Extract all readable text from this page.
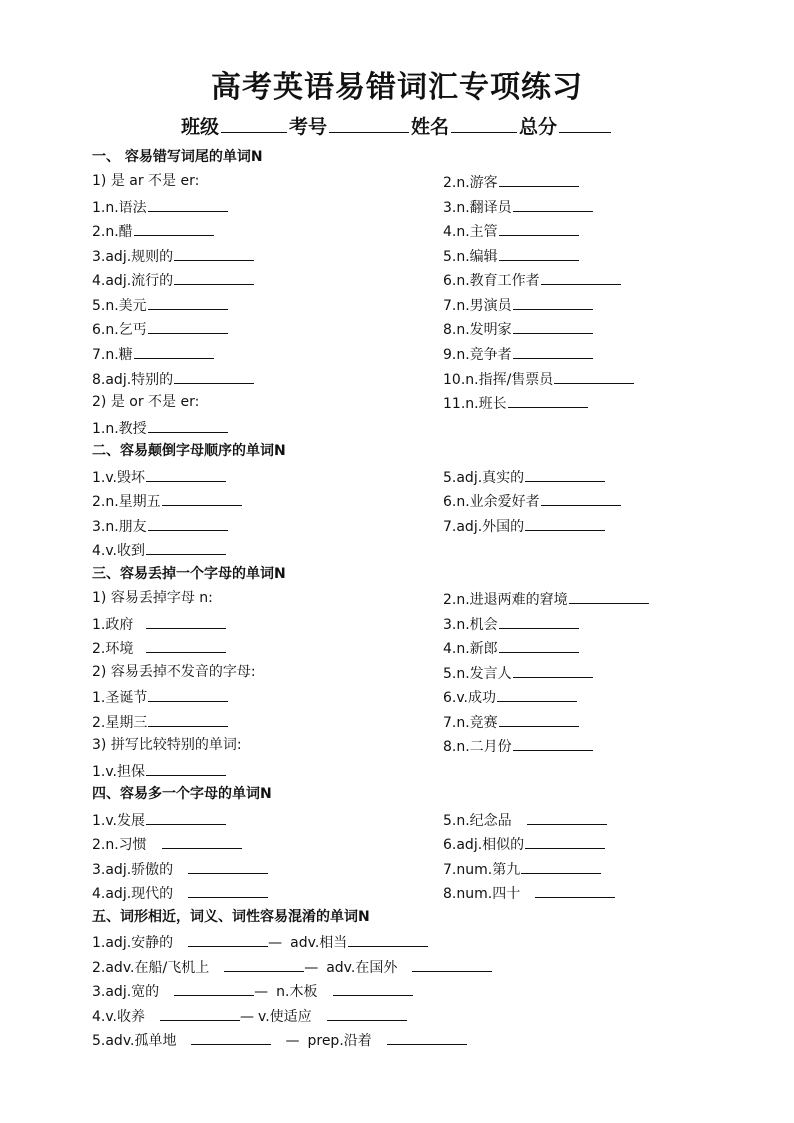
高考英语易错词汇专项练习
班级	考号	姓名	总分
一、 容易错写词尾的单词N
1) 是 ar 不是 er:
1.n.语法
2.n.醋
3.adj.规则的
4.adj.流行的
5.n.美元
6.n.乞丐
7.n.糖
8.adj.特别的
2) 是 or 不是 er:
1.n.教授
2.n.游客
3.n.翻译员
4.n.主管
5.n.编辑
6.n.教育工作者
7.n.男演员
8.n.发明家
9.n.竞争者
10.n.指挥/售票员
11.n.班长
二、容易颠倒字母顺序的单词N
1.v.毁坏
2.n.星期五
3.n.朋友
4.v.收到
5.adj.真实的
6.n.业余爱好者
7.adj.外国的
三、容易丢掉一个字母的单词N
1) 容易丢掉字母 n:
1.政府
2.环境
2) 容易丢掉不发音的字母:
1.圣诞节
2.星期三
3) 拼写比较特别的单词:
1.v.担保
2.n.进退两难的窘境
3.n.机会
4.n.新郎
5.n.发言人
6.v.成功
7.n.竞赛
8.n.二月份
四、容易多一个字母的单词N
1.v.发展
2.n.习惯
3.adj.骄傲的
4.adj.现代的
5.n.纪念品
6.adj.相似的
7.num.第九
8.num.四十
五、词形相近，词义、词性容易混淆的单词N
1.adj.安静的	— adv.相当
2.adv.在船/飞机上	— adv.在国外
3.adj.宽的	— n.木板
4.v.收养	— v.使适应
5.adv.孤单地	— prep.沿着
